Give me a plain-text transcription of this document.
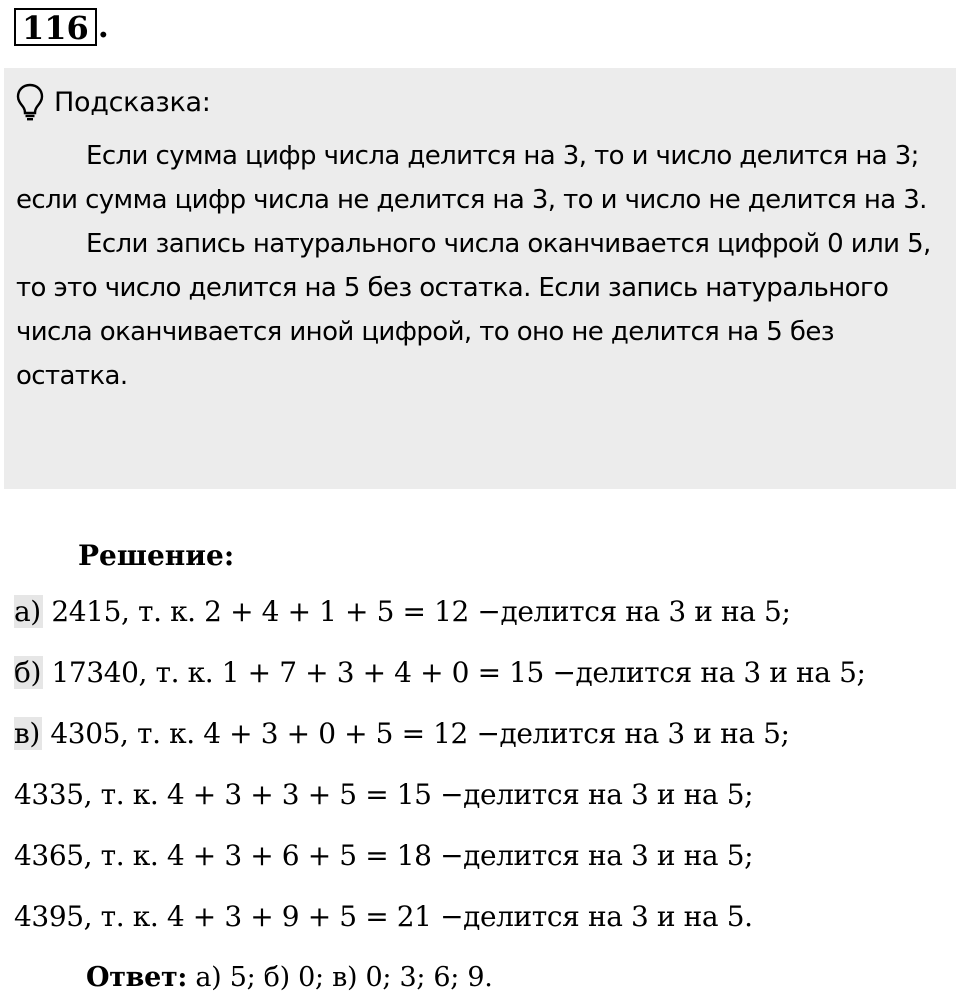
116 .
Подсказка:

Если сумма цифр числа делится на 3, то и число делится на 3; если сумма цифр числа не делится на 3, то и число не делится на 3.

Если запись натурального числа оканчивается цифрой 0 или 5, то это число делится на 5 без остатка. Если запись натурального числа оканчивается иной цифрой, то оно не делится на 5 без остатка.

Решение:
а) 2415, т. к. 2 + 4 + 1 + 5 = 12 −делится на 3 и на 5;
б) 17340, т. к. 1 + 7 + 3 + 4 + 0 = 15 −делится на 3 и на 5;
в) 4305, т. к. 4 + 3 + 0 + 5 = 12 −делится на 3 и на 5;
4335, т. к. 4 + 3 + 3 + 5 = 15 −делится на 3 и на 5;
4365, т. к. 4 + 3 + 6 + 5 = 18 −делится на 3 и на 5;
4395, т. к. 4 + 3 + 9 + 5 = 21 −делится на 3 и на 5.
Ответ: а) 5; б) 0; в) 0; 3; 6; 9.
